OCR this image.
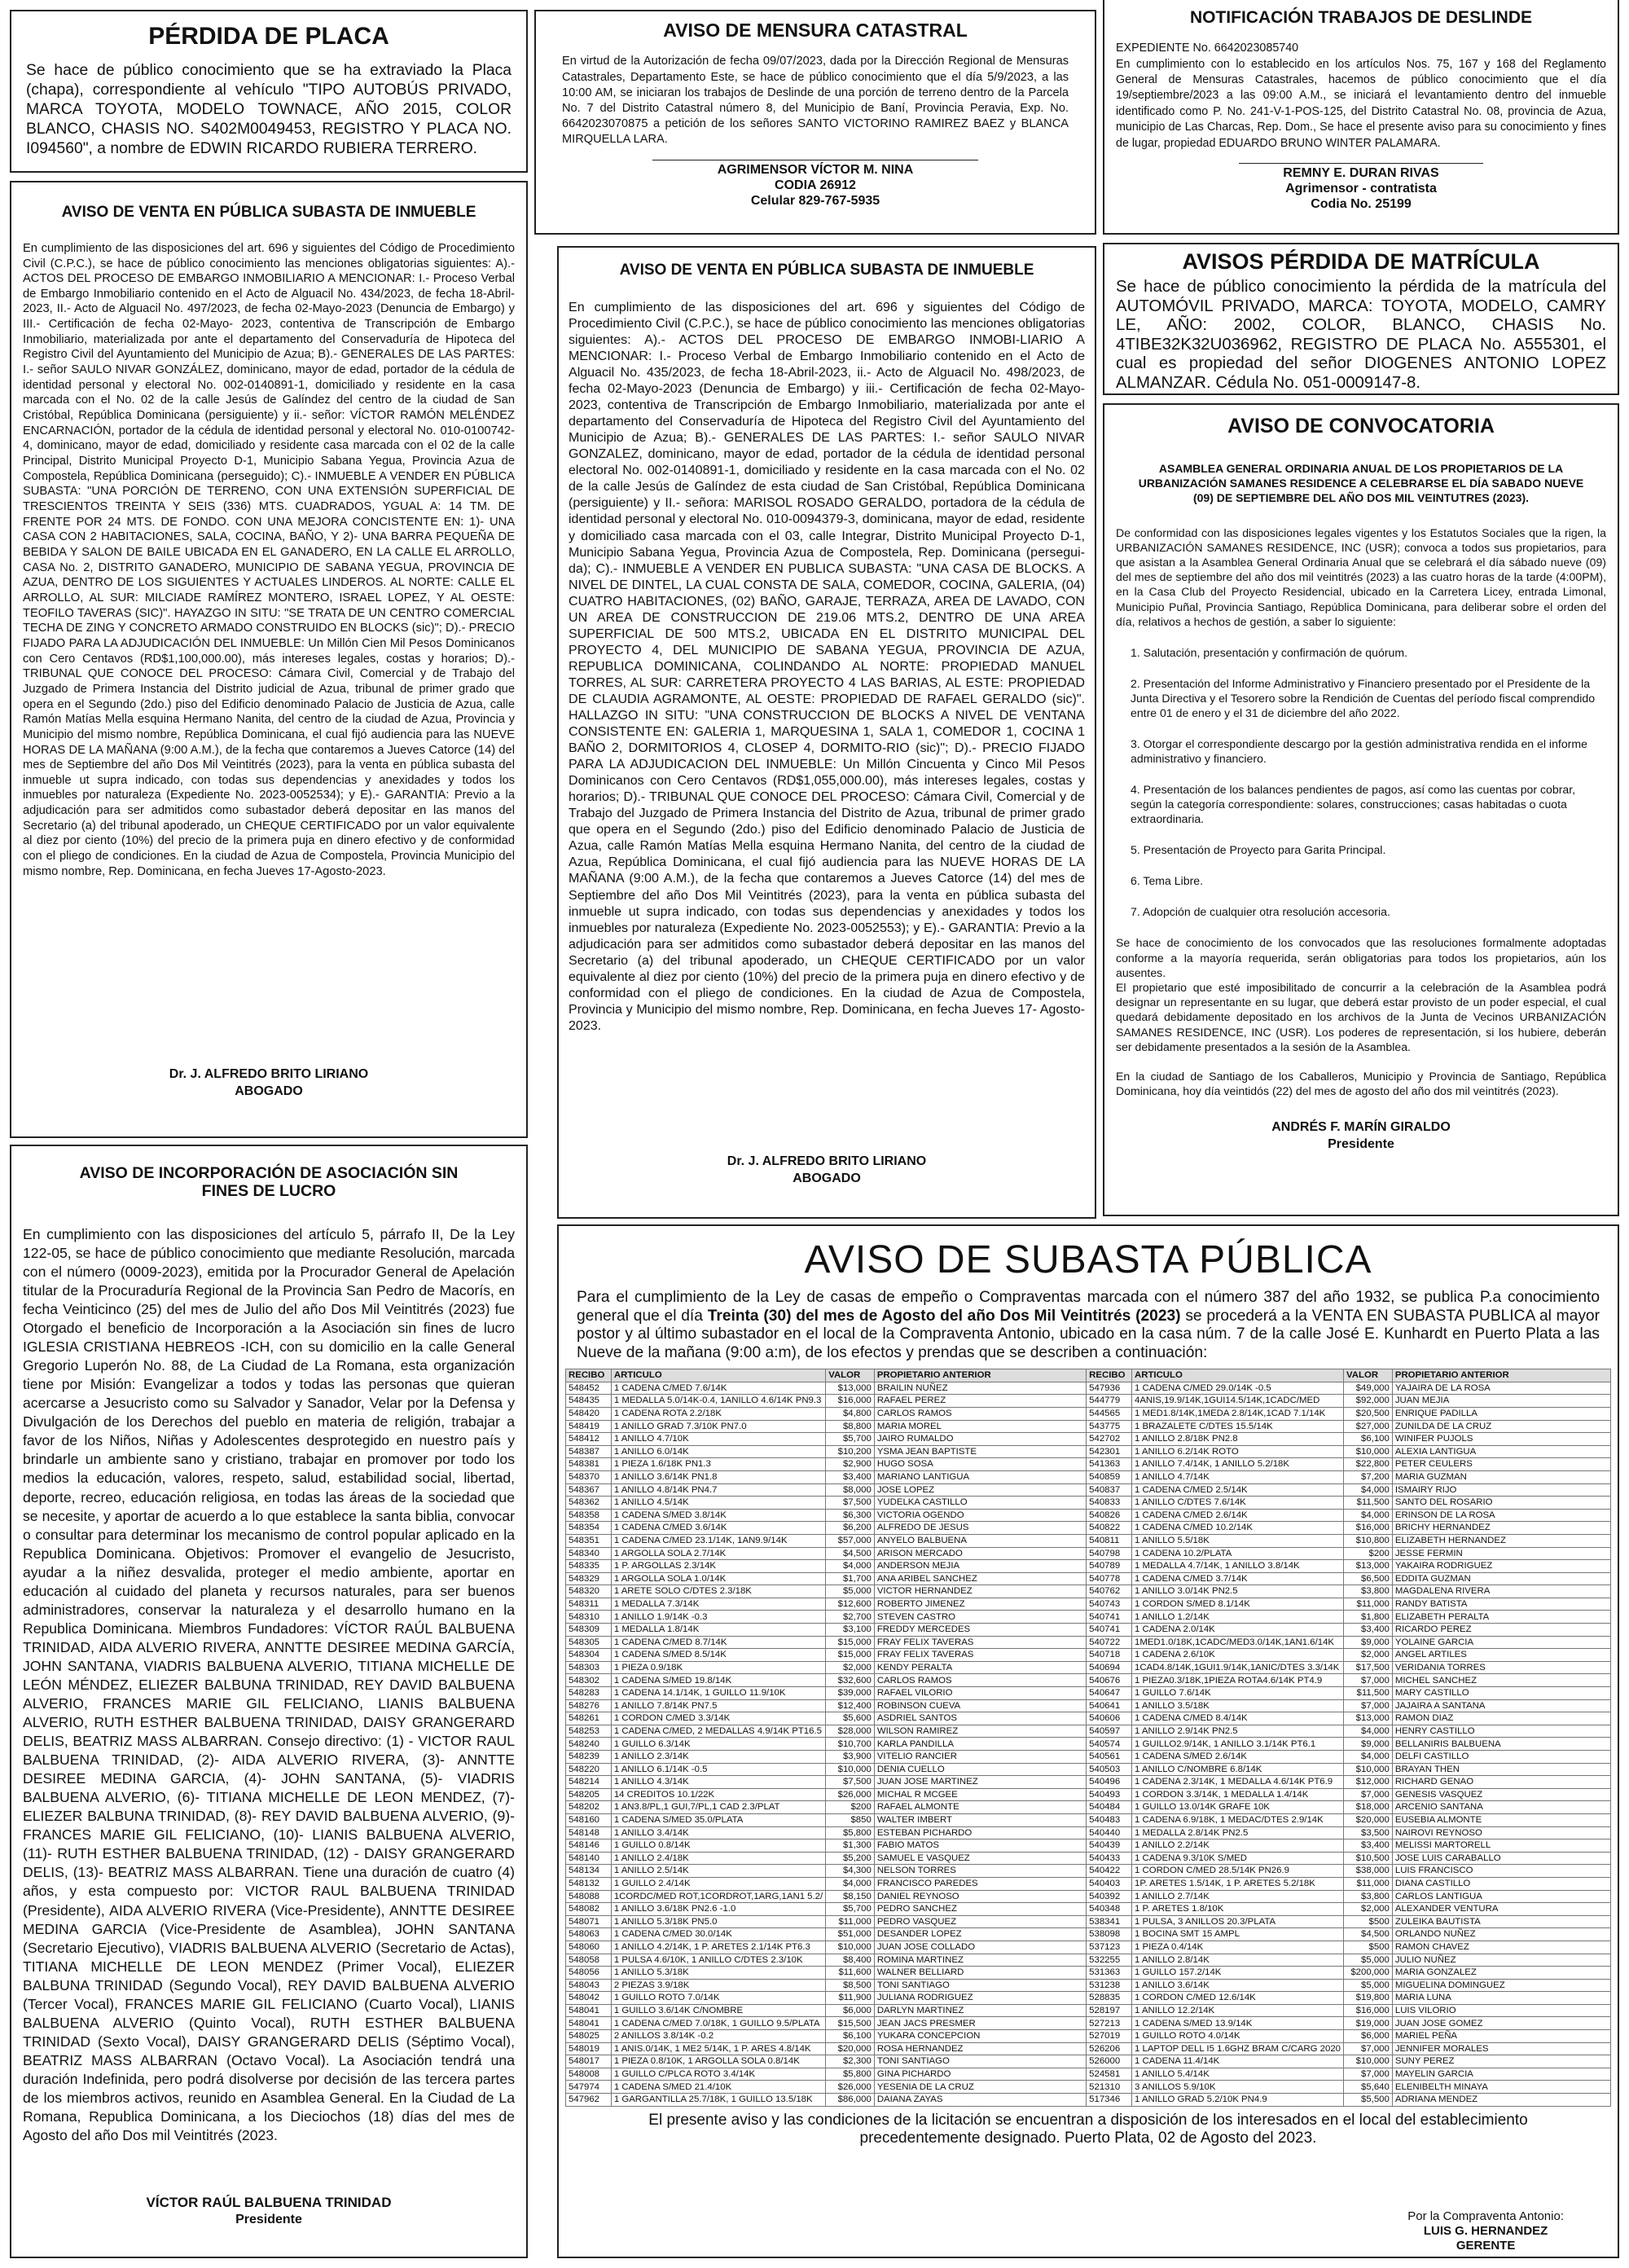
PÉRDIDA DE PLACA
Se hace de público conocimiento que se ha extraviado la Placa (chapa), correspondiente al vehículo "TIPO AUTOBÚS PRIVADO, MARCA TOYOTA, MODELO TOWNACE, AÑO 2015, COLOR BLANCO, CHASIS NO. S402M0049453, REGISTRO Y PLACA NO. I094560", a nombre de EDWIN RICARDO RUBIERA TERRERO.
AVISO DE VENTA EN PÚBLICA SUBASTA DE INMUEBLE
En cumplimiento de las disposiciones del art. 696 y siguientes del Código de Procedimiento Civil (C.P.C.), se hace de público conocimiento las menciones obligatorias siguientes: A).- ACTOS DEL PROCESO DE EMBARGO INMOBILIARIO A MENCIONAR: I.- Proceso Verbal de Embargo Inmobiliario contenido en el Acto de Alguacil No. 434/2023, de fecha 18-Abril-2023, II.- Acto de Alguacil No. 497/2023, de fecha 02-Mayo-2023 (Denuncia de Embargo) y III.- Certificación de fecha 02-Mayo- 2023, contentiva de Transcripción de Embargo Inmobiliario, materializada por ante el departamento del Conservaduría de Hipoteca del Registro Civil del Ayuntamiento del Municipio de Azua; B).- GENERALES DE LAS PARTES: I.- señor SAULO NIVAR GONZÁLEZ, dominicano, mayor de edad, portador de la cédula de identidad personal y electoral No. 002-0140891-1, domiciliado y residente en la casa marcada con el No. 02 de la calle Jesús de Galíndez del centro de la ciudad de San Cristóbal, República Dominicana (persiguiente) y ii.- señor: VÍCTOR RAMÓN MELÉNDEZ ENCARNACIÓN, portador de la cédula de identidad personal y electoral No. 010-0100742-4, dominicano, mayor de edad, domiciliado y residente casa marcada con el 02 de la calle Principal, Distrito Municipal Proyecto D-1, Municipio Sabana Yegua, Provincia Azua de Compostela, República Dominicana (perseguido); C).- INMUEBLE A VENDER EN PÚBLICA SUBASTA: "UNA PORCIÓN DE TERRENO, CON UNA EXTENSIÓN SUPERFICIAL DE TRESCIENTOS TREINTA Y SEIS (336) MTS. CUADRADOS, YGUAL A: 14 TM. DE FRENTE POR 24 MTS. DE FONDO. CON UNA MEJORA CONCISTENTE EN: 1)- UNA CASA CON 2 HABITACIONES, SALA, COCINA, BAÑO, Y 2)- UNA BARRA PEQUEÑA DE BEBIDA Y SALON DE BAILE UBICADA EN EL GANADERO, EN LA CALLE EL ARROLLO, CASA No. 2, DISTRITO GANADERO, MUNICIPIO DE SABANA YEGUA, PROVINCIA DE AZUA, DENTRO DE LOS SIGUIENTES Y ACTUALES LINDEROS. AL NORTE: CALLE EL ARROLLO, AL SUR: MILCIADE RAMÍREZ MONTERO, ISRAEL LOPEZ, Y AL OESTE: TEOFILO TAVERAS (SIC)". HAYAZGO IN SITU: "SE TRATA DE UN CENTRO COMERCIAL TECHA DE ZING Y CONCRETO ARMADO CONSTRUIDO EN BLOCKS (sic)"; D).- PRECIO FIJADO PARA LA ADJUDICACIÓN DEL INMUEBLE: Un Millón Cien Mil Pesos Dominicanos con Cero Centavos (RD$1,100,000.00), más intereses legales, costas y horarios; D).- TRIBUNAL QUE CONOCE DEL PROCESO: Cámara Civil, Comercial y de Trabajo del Juzgado de Primera Instancia del Distrito judicial de Azua, tribunal de primer grado que opera en el Segundo (2do.) piso del Edificio denominado Palacio de Justicia de Azua, calle Ramón Matías Mella esquina Hermano Nanita, del centro de la ciudad de Azua, Provincia y Municipio del mismo nombre, República Dominicana, el cual fijó audiencia para las NUEVE HORAS DE LA MAÑANA (9:00 A.M.), de la fecha que contaremos a Jueves Catorce (14) del mes de Septiembre del año Dos Mil Veintitrés (2023), para la venta en pública subasta del inmueble ut supra indicado, con todas sus dependencias y anexidades y todos los inmuebles por naturaleza (Expediente No. 2023-0052534); y E).- GARANTIA: Previo a la adjudicación para ser admitidos como subastador deberá depositar en las manos del Secretario (a) del tribunal apoderado, un CHEQUE CERTIFICADO por un valor equivalente al diez por ciento (10%) del precio de la primera puja en dinero efectivo y de conformidad con el pliego de condiciones. En la ciudad de Azua de Compostela, Provincia Municipio del mismo nombre, Rep. Dominicana, en fecha Jueves 17-Agosto-2023.
Dr. J. ALFREDO BRITO LIRIANO
ABOGADO
AVISO DE INCORPORACIÓN DE ASOCIACIÓN SIN FINES DE LUCRO
En cumplimiento con las disposiciones del artículo 5, párrafo II, De la Ley 122-05, se hace de público conocimiento que mediante Resolución, marcada con el número (0009-2023), emitida por la Procurador General de Apelación titular de la Procuraduría Regional de la Provincia San Pedro de Macorís, en fecha Veinticinco (25) del mes de Julio del año Dos Mil Veintitrés (2023) fue Otorgado el beneficio de Incorporación a la Asociación sin fines de lucro IGLESIA CRISTIANA HEBREOS -ICH, con su domicilio en la calle General Gregorio Luperón No. 88, de La Ciudad de La Romana, esta organización tiene por Misión: Evangelizar a todos y todas las personas que quieran acercarse a Jesucristo como su Salvador y Sanador, Velar por la Defensa y Divulgación de los Derechos del pueblo en materia de religión, trabajar a favor de los Niños, Niñas y Adolescentes desprotegido en nuestro país y brindarle un ambiente sano y cristiano, trabajar en promover por todo los medios la educación, valores, respeto, salud, estabilidad social, libertad, deporte, recreo, educación religiosa, en todas las áreas de la sociedad que se necesite, y aportar de acuerdo a lo que establece la santa biblia, convocar o consultar para determinar los mecanismo de control popular aplicado en la Republica Dominicana. Objetivos: Promover el evangelio de Jesucristo, ayudar a la niñez desvalida, proteger el medio ambiente, aportar en educación al cuidado del planeta y recursos naturales, para ser buenos administradores, conservar la naturaleza y el desarrollo humano en la Republica Dominicana. Miembros Fundadores: VÍCTOR RAÚL BALBUENA TRINIDAD, AIDA ALVERIO RIVERA, ANNTTE DESIREE MEDINA GARCÍA, JOHN SANTANA, VIADRIS BALBUENA ALVERIO, TITIANA MICHELLE DE LEÓN MÉNDEZ, ELIEZER BALBUNA TRINIDAD, REY DAVID BALBUENA ALVERIO, FRANCES MARIE GIL FELICIANO, LIANIS BALBUENA ALVERIO, RUTH ESTHER BALBUENA TRINIDAD, DAISY GRANGERARD DELIS, BEATRIZ MASS ALBARRAN. Consejo directivo: (1) - VICTOR RAUL BALBUENA TRINIDAD, (2)- AIDA ALVERIO RIVERA, (3)- ANNTTE DESIREE MEDINA GARCIA, (4)- JOHN SANTANA, (5)- VIADRIS BALBUENA ALVERIO, (6)- TITIANA MICHELLE DE LEON MENDEZ, (7)- ELIEZER BALBUNA TRINIDAD, (8)- REY DAVID BALBUENA ALVERIO, (9)- FRANCES MARIE GIL FELICIANO, (10)- LIANIS BALBUENA ALVERIO, (11)- RUTH ESTHER BALBUENA TRINIDAD, (12) - DAISY GRANGERARD DELIS, (13)- BEATRIZ MASS ALBARRAN. Tiene una duración de cuatro (4) años, y esta compuesto por: VICTOR RAUL BALBUENA TRINIDAD (Presidente), AIDA ALVERIO RIVERA (Vice-Presidente), ANNTTE DESIREE MEDINA GARCIA (Vice-Presidente de Asamblea), JOHN SANTANA (Secretario Ejecutivo), VIADRIS BALBUENA ALVERIO (Secretario de Actas), TITIANA MICHELLE DE LEON MENDEZ (Primer Vocal), ELIEZER BALBUNA TRINIDAD (Segundo Vocal), REY DAVID BALBUENA ALVERIO (Tercer Vocal), FRANCES MARIE GIL FELICIANO (Cuarto Vocal), LIANIS BALBUENA ALVERIO (Quinto Vocal), RUTH ESTHER BALBUENA TRINIDAD (Sexto Vocal), DAISY GRANGERARD DELIS (Séptimo Vocal), BEATRIZ MASS ALBARRAN (Octavo Vocal). La Asociación tendrá una duración Indefinida, pero podrá disolverse por decisión de las tercera partes de los miembros activos, reunido en Asamblea General. En la Ciudad de La Romana, Republica Dominicana, a los Dieciochos (18) días del mes de Agosto del año Dos mil Veintitrés (2023.
VÍCTOR RAÚL BALBUENA TRINIDAD
Presidente
AVISO DE MENSURA CATASTRAL
En virtud de la Autorización de fecha 09/07/2023, dada por la Dirección Regional de Mensuras Catastrales, Departamento Este, se hace de público conocimiento que el día 5/9/2023, a las 10:00 AM, se iniciaran los trabajos de Deslinde de una porción de terreno dentro de la Parcela No. 7 del Distrito Catastral número 8, del Municipio de Baní, Provincia Peravia, Exp. No. 6642023070875 a petición de los señores SANTO VICTORINO RAMIREZ BAEZ y BLANCA MIRQUELLA LARA.
AGRIMENSOR VÍCTOR M. NINA
CODIA 26912
Celular 829-767-5935
AVISO DE VENTA EN PÚBLICA SUBASTA DE INMUEBLE
En cumplimiento de las disposiciones del art. 696 y siguientes del Código de Procedimiento Civil (C.P.C.), se hace de público conocimiento las menciones obligatorias siguientes: A).- ACTOS DEL PROCESO DE EMBARGO INMOBI-LIARIO A MENCIONAR: I.- Proceso Verbal de Embargo Inmobiliario contenido en el Acto de Alguacil No. 435/2023, de fecha 18-Abril-2023, ii.- Acto de Alguacil No. 498/2023, de fecha 02-Mayo-2023 (Denuncia de Embargo) y iii.- Certificación de fecha 02-Mayo- 2023, contentiva de Transcripción de Embargo Inmobiliario, materializada por ante el departamento del Conservaduría de Hipoteca del Registro Civil del Ayuntamiento del Municipio de Azua; B).- GENERALES DE LAS PARTES: I.- señor SAULO NIVAR GONZALEZ, dominicano, mayor de edad, portador de la cédula de identidad personal electoral No. 002-0140891-1, domiciliado y residente en la casa marcada con el No. 02 de la calle Jesús de Galíndez de esta ciudad de San Cristóbal, República Dominicana (persiguiente) y II.- señora: MARISOL ROSADO GERALDO, portadora de la cédula de identidad personal y electoral No. 010-0094379-3, dominicana, mayor de edad, residente y domiciliado casa marcada con el 03, calle Integrar, Distrito Municipal Proyecto D-1, Municipio Sabana Yegua, Provincia Azua de Compostela, Rep. Dominicana (persegui-da); C).- INMUEBLE A VENDER EN PUBLICA SUBASTA: "UNA CASA DE BLOCKS. A NIVEL DE DINTEL, LA CUAL CONSTA DE SALA, COMEDOR, COCINA, GALERIA, (04) CUATRO HABITACIONES, (02) BAÑO, GARAJE, TERRAZA, AREA DE LAVADO, CON UN AREA DE CONSTRUCCION DE 219.06 MTS.2, DENTRO DE UNA AREA SUPERFICIAL DE 500 MTS.2, UBICADA EN EL DISTRITO MUNICIPAL DEL PROYECTO 4, DEL MUNICIPIO DE SABANA YEGUA, PROVINCIA DE AZUA, REPUBLICA DOMINICANA, COLINDANDO AL NORTE: PROPIEDAD MANUEL TORRES, AL SUR: CARRETERA PROYECTO 4 LAS BARIAS, AL ESTE: PROPIEDAD DE CLAUDIA AGRAMONTE, AL OESTE: PROPIEDAD DE RAFAEL GERALDO (sic)". HALLAZGO IN SITU: "UNA CONSTRUCCION DE BLOCKS A NIVEL DE VENTANA CONSISTENTE EN: GALERIA 1, MARQUESINA 1, SALA 1, COMEDOR 1, COCINA 1 BAÑO 2, DORMITORIOS 4, CLOSEP 4, DORMITO-RIO (sic)"; D).- PRECIO FIJADO PARA LA ADJUDICACION DEL INMUEBLE: Un Millón Cincuenta y Cinco Mil Pesos Dominicanos con Cero Centavos (RD$1,055,000.00), más intereses legales, costas y horarios; D).- TRIBUNAL QUE CONOCE DEL PROCESO: Cámara Civil, Comercial y de Trabajo del Juzgado de Primera Instancia del Distrito de Azua, tribunal de primer grado que opera en el Segundo (2do.) piso del Edificio denominado Palacio de Justicia de Azua, calle Ramón Matías Mella esquina Hermano Nanita, del centro de la ciudad de Azua, República Dominicana, el cual fijó audiencia para las NUEVE HORAS DE LA MAÑANA (9:00 A.M.), de la fecha que contaremos a Jueves Catorce (14) del mes de Septiembre del año Dos Mil Veintitrés (2023), para la venta en pública subasta del inmueble ut supra indicado, con todas sus dependencias y anexidades y todos los inmuebles por naturaleza (Expediente No. 2023-0052553); y E).- GARANTIA: Previo a la adjudicación para ser admitidos como subastador deberá depositar en las manos del Secretario (a) del tribunal apoderado, un CHEQUE CERTIFICADO por un valor equivalente al diez por ciento (10%) del precio de la primera puja en dinero efectivo y de conformidad con el pliego de condiciones. En la ciudad de Azua de Compostela, Provincia y Municipio del mismo nombre, Rep. Dominicana, en fecha Jueves 17- Agosto-2023.
Dr. J. ALFREDO BRITO LIRIANO
ABOGADO
NOTIFICACIÓN TRABAJOS DE DESLINDE
EXPEDIENTE No. 6642023085740
En cumplimiento con lo establecido en los artículos Nos. 75, 167 y 168 del Reglamento General de Mensuras Catastrales, hacemos de público conocimiento que el día 19/septiembre/2023 a las 09:00 A.M., se iniciará el levantamiento dentro del inmueble identificado como P. No. 241-V-1-POS-125, del Distrito Catastral No. 08, provincia de Azua, municipio de Las Charcas, Rep. Dom., Se hace el presente aviso para su conocimiento y fines de lugar, propiedad EDUARDO BRUNO WINTER PALAMARA.
REMNY E. DURAN RIVAS
Agrimensor - contratista
Codia No. 25199
AVISOS PÉRDIDA DE MATRÍCULA
Se hace de público conocimiento la pérdida de la matrícula del AUTOMÓVIL PRIVADO, MARCA: TOYOTA, MODELO, CAMRY LE, AÑO: 2002, COLOR, BLANCO, CHASIS No. 4TIBE32K32U036962, REGISTRO DE PLACA No. A555301, el cual es propiedad del señor DIOGENES ANTONIO LOPEZ ALMANZAR. Cédula No. 051-0009147-8.
AVISO DE CONVOCATORIA
ASAMBLEA GENERAL ORDINARIA ANUAL DE LOS PROPIETARIOS DE LA URBANIZACIÓN SAMANES RESIDENCE A CELEBRARSE EL DÍA SABADO NUEVE (09) DE SEPTIEMBRE DEL AÑO DOS MIL VEINTUTRES (2023).
De conformidad con las disposiciones legales vigentes y los Estatutos Sociales que la rigen, la URBANIZACIÓN SAMANES RESIDENCE, INC (USR); convoca a todos sus propietarios, para que asistan a la Asamblea General Ordinaria Anual que se celebrará el día sábado nueve (09) del mes de septiembre del año dos mil veintitrés (2023) a las cuatro horas de la tarde (4:00PM), en la Casa Club del Proyecto Residencial, ubicado en la Carretera Licey, entrada Limonal, Municipio Puñal, Provincia Santiago, República Dominicana, para deliberar sobre el orden del día, relativos a hechos de gestión, a saber lo siguiente:
1. Salutación, presentación y confirmación de quórum.
2. Presentación del Informe Administrativo y Financiero presentado por el Presidente de la Junta Directiva y el Tesorero sobre la Rendición de Cuentas del período fiscal comprendido entre 01 de enero y el 31 de diciembre del año 2022.
3. Otorgar el correspondiente descargo por la gestión administrativa rendida en el informe administrativo y financiero.
4. Presentación de los balances pendientes de pagos, así como las cuentas por cobrar, según la categoría correspondiente: solares, construcciones; casas habitadas o cuota extraordinaria.
5. Presentación de Proyecto para Garita Principal.
6. Tema Libre.
7. Adopción de cualquier otra resolución accesoria.
Se hace de conocimiento de los convocados que las resoluciones formalmente adoptadas conforme a la mayoría requerida, serán obligatorias para todos los propietarios, aún los ausentes.
El propietario que esté imposibilitado de concurrir a la celebración de la Asamblea podrá designar un representante en su lugar, que deberá estar provisto de un poder especial, el cual quedará debidamente depositado en los archivos de la Junta de Vecinos URBANIZACIÓN SAMANES RESIDENCE, INC (USR). Los poderes de representación, si los hubiere, deberán ser debidamente presentados a la sesión de la Asamblea.
En la ciudad de Santiago de los Caballeros, Municipio y Provincia de Santiago, República Dominicana, hoy día veintidós (22) del mes de agosto del año dos mil veintitrés (2023).
ANDRÉS F. MARÍN GIRALDO
Presidente
AVISO DE SUBASTA PÚBLICA
Para el cumplimiento de la Ley de casas de empeño o Compraventas marcada con el número 387 del año 1932, se publica P.a conocimiento general que el día Treinta (30) del mes de Agosto del año Dos Mil Veintitrés (2023) se procederá a la VENTA EN SUBASTA PUBLICA al mayor postor y al último subastador en el local de la Compraventa Antonio, ubicado en la casa núm. 7 de la calle José E. Kunhardt en Puerto Plata a las Nueve de la mañana (9:00 a:m), de los efectos y prendas que se describen a continuación:
RECIBO	ARTICULO	VALOR	PROPIETARIO ANTERIOR	RECIBO	ARTICULO	VALOR	PROPIETARIO ANTERIOR
548452	1 CADENA C/MED 7.6/14K	$13,000	BRAILIN NUÑEZ	547936	1 CADENA C/MED 29.0/14K -0.5	$49,000	YAJAIRA DE LA ROSA
548435	1 MEDALLA 5.0/14K-0.4, 1ANILLO 4.6/14K PN9.3	$16,000	RAFAEL PEREZ	544779	4ANIS,19.9/14K,1GUI14.5/14K,1CADC/MED	$92,000	JUAN MEJIA
548420	1 CADENA ROTA 2.2/18K	$4,800	CARLOS RAMOS	544565	1 MED1.8/14K,1MEDA 2.8/14K,1CAD 7.1/14K	$20,500	ENRIQUE PADILLA
548419	1 ANILLO GRAD 7.3/10K PN7.0	$8,800	MARIA MOREL	543775	1 BRAZALETE C/DTES 15.5/14K	$27,000	ZUNILDA DE LA CRUZ
548412	1 ANILLO 4.7/10K	$5,700	JAIRO RUMALDO	542702	1 ANILLO 2.8/18K PN2.8	$6,100	WINIFER PUJOLS
548387	1 ANILLO 6.0/14K	$10,200	YSMA JEAN BAPTISTE	542301	1 ANILLO 6.2/14K ROTO	$10,000	ALEXIA LANTIGUA
548381	1 PIEZA 1.6/18K PN1.3	$2,900	HUGO SOSA	541363	1 ANILLO 7.4/14K, 1 ANILLO 5.2/18K	$22,800	PETER CEULERS
548370	1 ANILLO 3.6/14K PN1.8	$3,400	MARIANO LANTIGUA	540859	1 ANILLO 4.7/14K	$7,200	MARIA GUZMAN
548367	1 ANILLO 4.8/14K PN4.7	$8,000	JOSE LOPEZ	540837	1 CADENA C/MED 2.5/14K	$4,000	ISMAIRY RIJO
548362	1 ANILLO 4.5/14K	$7,500	YUDELKA CASTILLO	540833	1 ANILLO C/DTES 7.6/14K	$11,500	SANTO DEL ROSARIO
548358	1 CADENA S/MED 3.8/14K	$6,300	VICTORIA OGENDO	540826	1 CADENA C/MED 2.6/14K	$4,000	ERINSON DE LA ROSA
548354	1 CADENA C/MED 3.6/14K	$6,200	ALFREDO DE JESUS	540822	1 CADENA C/MED 10.2/14K	$16,000	BRICHY HERNANDEZ
548351	1 CADENA C/MED 23.1/14K, 1AN9.9/14K	$57,000	ANYELO BALBUENA	540811	1 ANILLO 5.5/18K	$10,800	ELIZABETH HERNANDEZ
548340	1 ARGOLLA SOLA 2.7/14K	$4,500	ARISON MERCADO	540798	1 CADENA 10.2/PLATA	$200	JESSE FERMIN
548335	1 P. ARGOLLAS 2.3/14K	$4,000	ANDERSON MEJIA	540789	1 MEDALLA 4.7/14K, 1 ANILLO 3.8/14K	$13,000	YAKAIRA RODRIGUEZ
548329	1 ARGOLLA SOLA 1.0/14K	$1,700	ANA ARIBEL SANCHEZ	540778	1 CADENA C/MED 3.7/14K	$6,500	EDDITA GUZMAN
548320	1 ARETE SOLO C/DTES 2.3/18K	$5,000	VICTOR HERNANDEZ	540762	1 ANILLO 3.0/14K PN2.5	$3,800	MAGDALENA RIVERA
548311	1 MEDALLA 7.3/14K	$12,600	ROBERTO JIMENEZ	540743	1 CORDON S/MED 8.1/14K	$11,000	RANDY BATISTA
548310	1 ANILLO 1.9/14K -0.3	$2,700	STEVEN CASTRO	540741	1 ANILLO 1.2/14K	$1,800	ELIZABETH PERALTA
548309	1 MEDALLA 1.8/14K	$3,100	FREDDY MERCEDES	540741	1 CADENA 2.0/14K	$3,400	RICARDO PEREZ
548305	1 CADENA C/MED 8.7/14K	$15,000	FRAY FELIX TAVERAS	540722	1MED1.0/18K,1CADC/MED3.0/14K,1AN1.6/14K	$9,000	YOLAINE GARCIA
548304	1 CADENA S/MED 8.5/14K	$15,000	FRAY FELIX TAVERAS	540718	1 CADENA 2.6/10K	$2,000	ANGEL ARTILES
548303	1 PIEZA 0.9/18K	$2,000	KENDY PERALTA	540694	1CAD4.8/14K,1GUI1.9/14K,1ANIC/DTES 3.3/14K	$17,500	VERIDANIA TORRES
548302	1 CADENA S/MED 19.8/14K	$32,600	CARLOS RAMOS	540676	1 PIEZA0.3/18K,1PIEZA ROTA4.6/14K PT4.9	$7,000	MICHEL SANCHEZ
548283	1 CADENA 14.1/14K, 1 GUILLO 11.9/10K	$39,000	RAFAEL VILORIO	540647	1 GUILLO 7.6/14K	$11,500	MARY CASTILLO
548276	1 ANILLO 7.8/14K PN7.5	$12,400	ROBINSON CUEVA	540641	1 ANILLO 3.5/18K	$7,000	JAJAIRA A SANTANA
548261	1 CORDON C/MED 3.3/14K	$5,600	ASDRIEL SANTOS	540606	1 CADENA C/MED 8.4/14K	$13,000	RAMON DIAZ
548253	1 CADENA C/MED, 2 MEDALLAS 4.9/14K PT16.5	$28,000	WILSON RAMIREZ	540597	1 ANILLO 2.9/14K PN2.5	$4,000	HENRY CASTILLO
548240	1 GUILLO 6.3/14K	$10,700	KARLA PANDILLA	540574	1 GUILLO2.9/14K, 1 ANILLO 3.1/14K PT6.1	$9,000	BELLANIRIS BALBUENA
548239	1 ANILLO 2.3/14K	$3,900	VITELIO RANCIER	540561	1 CADENA S/MED 2.6/14K	$4,000	DELFI CASTILLO
548220	1 ANILLO 6.1/14K -0.5	$10,000	DENIA CUELLO	540503	1 ANILLO C/NOMBRE 6.8/14K	$10,000	BRAYAN THEN
548214	1 ANILLO 4.3/14K	$7,500	JUAN JOSE MARTINEZ	540496	1 CADENA 2.3/14K, 1 MEDALLA 4.6/14K PT6.9	$12,000	RICHARD GENAO
548205	14 CREDITOS 10.1/22K	$26,000	MICHAL R MCGEE	540493	1 CORDON 3.3/14K, 1 MEDALLA 1.4/14K	$7,000	GENESIS VASQUEZ
548202	1 AN3.8/PL,1 GUI,7/PL,1 CAD 2.3/PLAT	$200	RAFAEL ALMONTE	540484	1 GUILLO 13.0/14K GRAFE 10K	$18,000	ARCENIO SANTANA
548160	1 CADENA S/MED 35.0/PLATA	$850	WALTER IMBERT	540483	1 CADENA 6.9/18K, 1 MEDAC/DTES 2.9/14K	$20,000	EUSEBIA ALMONTE
548148	1 ANILLO 3.4/14K	$5,800	ESTEBAN PICHARDO	540440	1 MEDALLA 2.8/14K PN2.5	$3,500	NAIROVI REYNOSO
548146	1 GUILLO 0.8/14K	$1,300	FABIO MATOS	540439	1 ANILLO 2.2/14K	$3,400	MELISSI MARTORELL
548140	1 ANILLO 2.4/18K	$5,200	SAMUEL E VASQUEZ	540433	1 CADENA 9.3/10K S/MED	$10,500	JOSE LUIS CARABALLO
548134	1 ANILLO 2.5/14K	$4,300	NELSON TORRES	540422	1 CORDON C/MED 28.5/14K PN26.9	$38,000	LUIS FRANCISCO
548132	1 GUILLO 2.4/14K	$4,000	FRANCISCO PAREDES	540403	1P. ARETES 1.5/14K, 1 P. ARETES 5.2/18K	$11,000	DIANA CASTILLO
548088	1CORDC/MED ROT,1CORDROT,1ARG,1AN1 5.2/	$8,150	DANIEL REYNOSO	540392	1 ANILLO 2.7/14K	$3,800	CARLOS LANTIGUA
548082	1 ANILLO 3.6/18K PN2.6 -1.0	$5,700	PEDRO SANCHEZ	540348	1 P. ARETES 1.8/10K	$2,000	ALEXANDER VENTURA
548071	1 ANILLO 5.3/18K PN5.0	$11,000	PEDRO VASQUEZ	538341	1 PULSA, 3 ANILLOS 20.3/PLATA	$500	ZULEIKA BAUTISTA
548063	1 CADENA C/MED 30.0/14K	$51,000	DESANDER LOPEZ	538098	1 BOCINA SMT 15 AMPL	$4,500	ORLANDO NUÑEZ
548060	1 ANILLO 4.2/14K, 1 P. ARETES 2.1/14K PT6.3	$10,000	JUAN JOSE COLLADO	537123	1 PIEZA 0.4/14K	$500	RAMON CHAVEZ
548058	1 PULSA 4.6/10K, 1 ANILLO C/DTES 2.3/10K	$8,400	ROMINA MARTINEZ	532255	1 ANILLO 2.8/14K	$5,000	JULIO NUÑEZ
548056	1 ANILLO 5.3/18K	$11,600	WALNER BELLIARD	531363	1 GUILLO 157.2/14K	$200,000	MARIA GONZALEZ
548043	2 PIEZAS 3.9/18K	$8,500	TONI SANTIAGO	531238	1 ANILLO 3.6/14K	$5,000	MIGUELINA DOMINGUEZ
548042	1 GUILLO ROTO 7.0/14K	$11,900	JULIANA RODRIGUEZ	528835	1 CORDON C/MED 12.6/14K	$19,800	MARIA LUNA
548041	1 GUILLO 3.6/14K C/NOMBRE	$6,000	DARLYN MARTINEZ	528197	1 ANILLO 12.2/14K	$16,000	LUIS VILORIO
548041	1 CADENA C/MED 7.0/18K, 1 GUILLO 9.5/PLATA	$15,500	JEAN JACS PRESMER	527213	1 CADENA S/MED 13.9/14K	$19,000	JUAN JOSE GOMEZ
548025	2 ANILLOS 3.8/14K -0.2	$6,100	YUKARA CONCEPCION	527019	1 GUILLO ROTO 4.0/14K	$6,000	MARIEL PEÑA
548019	1 ANIS.0/14K, 1 ME2 5/14K, 1 P. ARES 4.8/14K	$20,000	ROSA HERNANDEZ	526206	1 LAPTOP DELL I5 1.6GHZ BRAM C/CARG 2020	$7,000	JENNIFER MORALES
548017	1 PIEZA 0.8/10K, 1 ARGOLLA SOLA 0.8/14K	$2,300	TONI SANTIAGO	526000	1 CADENA 11.4/14K	$10,000	SUNY PEREZ
548008	1 GUILLO C/PLCA ROTO 3.4/14K	$5,800	GINA PICHARDO	524581	1 ANILLO 5.4/14K	$7,000	MAYELIN GARCIA
547974	1 CADENA S/MED 21.4/10K	$26,000	YESENIA DE LA CRUZ	521310	3 ANILLOS 5.9/10K	$5,640	ELENIBELTH MINAYA
547962	1 GARGANTILLA 25.7/18K, 1 GUILLO 13.5/18K	$86,000	DAIANA ZAYAS	517346	1 ANILLO GRAD 5.2/10K PN4.9	$5,500	ADRIANA MENDEZ
El presente aviso y las condiciones de la licitación se encuentran a disposición de los interesados en el local del establecimiento precedentemente designado. Puerto Plata, 02 de Agosto del 2023.
Por la Compraventa Antonio:
LUIS G. HERNANDEZ
GERENTE
